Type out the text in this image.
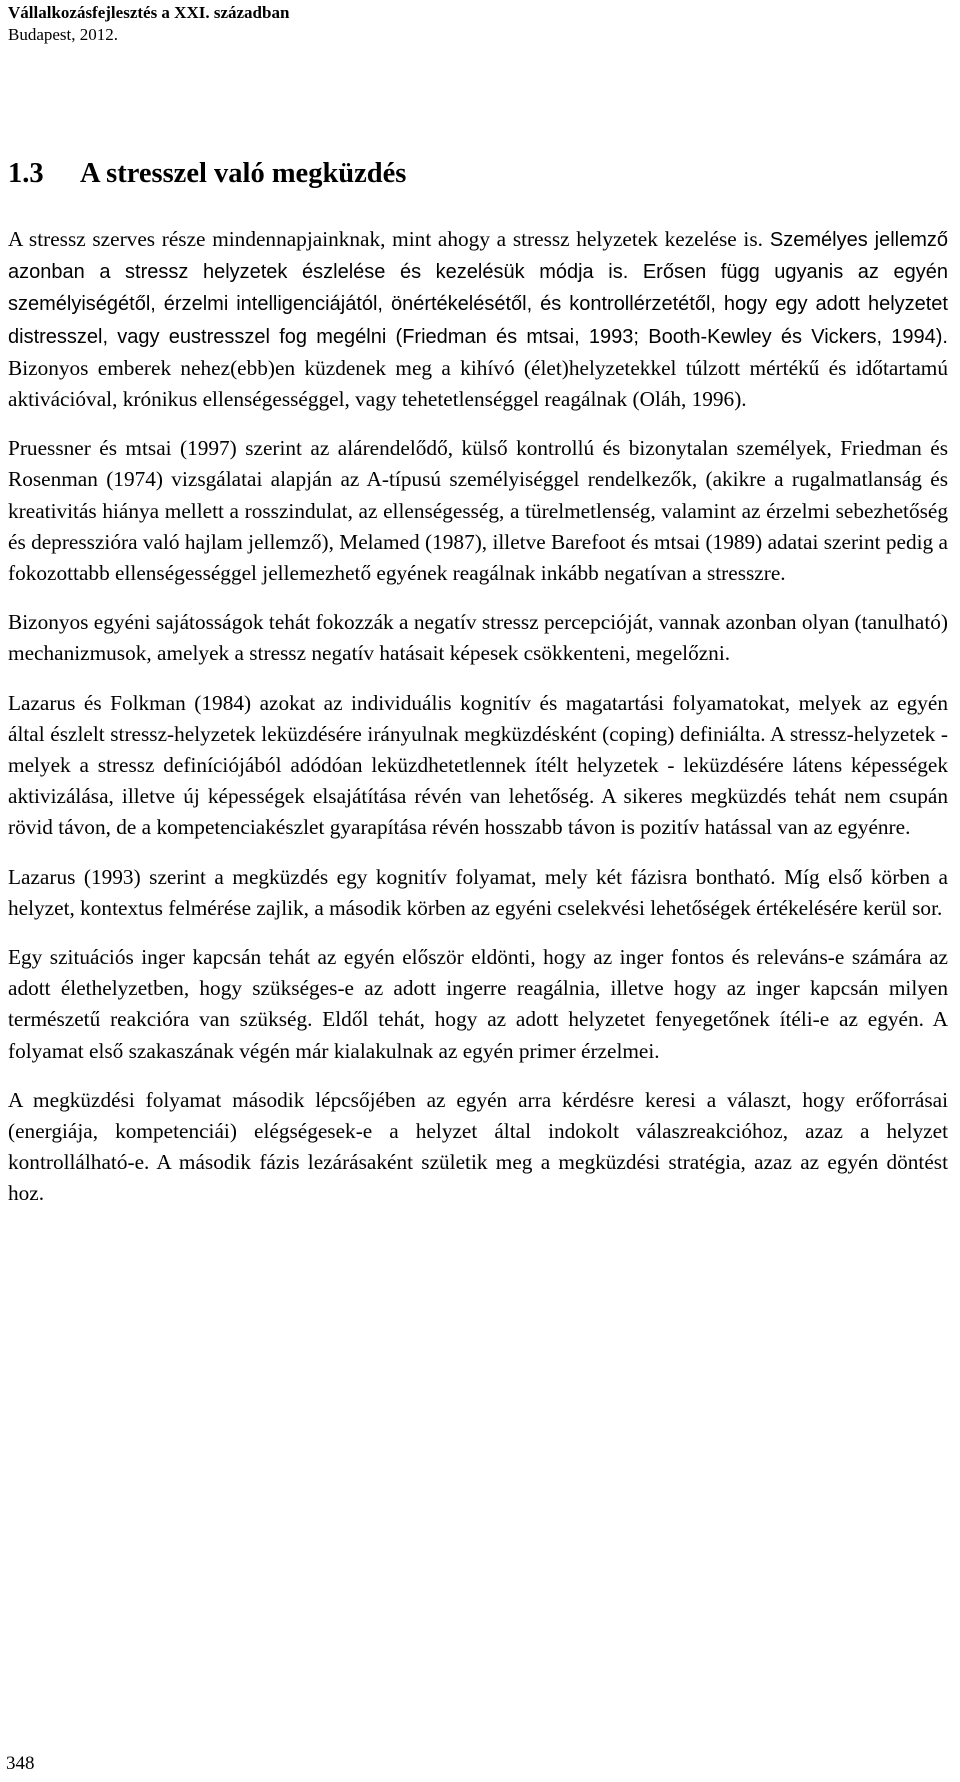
Vállalkozásfejlesztés a XXI. században
Budapest, 2012.
1.3 A stresszel való megküzdés

A stressz szerves része mindennapjainknak, mint ahogy a stressz helyzetek kezelése is. Személyes jellemző azonban a stressz helyzetek észlelése és kezelésük módja is. Erősen függ ugyanis az egyén személyiségétől, érzelmi intelligenciájától, önértékelésétől, és kontrollérzetétől, hogy egy adott helyzetet distresszel, vagy eustresszel fog megélni (Friedman és mtsai, 1993; Booth-Kewley és Vickers, 1994). Bizonyos emberek nehez(ebb)en küzdenek meg a kihívó (élet)helyzetekkel túlzott mértékű és időtartamú aktivációval, krónikus ellenségességgel, vagy tehetetlenséggel reagálnak (Oláh, 1996).

Pruessner és mtsai (1997) szerint az alárendelődő, külső kontrollú és bizonytalan személyek, Friedman és Rosenman (1974) vizsgálatai alapján az A-típusú személyiséggel rendelkezők, (akikre a rugalmatlanság és kreativitás hiánya mellett a rosszindulat, az ellenségesség, a türelmetlenség, valamint az érzelmi sebezhetőség és depresszióra való hajlam jellemző), Melamed (1987), illetve Barefoot és mtsai (1989) adatai szerint pedig a fokozottabb ellenségességgel jellemezhető egyének reagálnak inkább negatívan a stresszre.

Bizonyos egyéni sajátosságok tehát fokozzák a negatív stressz percepcióját, vannak azonban olyan (tanulható) mechanizmusok, amelyek a stressz negatív hatásait képesek csökkenteni, megelőzni.

Lazarus és Folkman (1984) azokat az individuális kognitív és magatartási folyamatokat, melyek az egyén által észlelt stressz-helyzetek leküzdésére irányulnak megküzdésként (coping) definiálta. A stressz-helyzetek - melyek a stressz definíciójából adódóan leküzdhetetlennek ítélt helyzetek - leküzdésére látens képességek aktivizálása, illetve új képességek elsajátítása révén van lehetőség. A sikeres megküzdés tehát nem csupán rövid távon, de a kompetenciakészlet gyarapítása révén hosszabb távon is pozitív hatással van az egyénre.

Lazarus (1993) szerint a megküzdés egy kognitív folyamat, mely két fázisra bontható. Míg első körben a helyzet, kontextus felmérése zajlik, a második körben az egyéni cselekvési lehetőségek értékelésére kerül sor.

Egy szituációs inger kapcsán tehát az egyén először eldönti, hogy az inger fontos és releváns-e számára az adott élethelyzetben, hogy szükséges-e az adott ingerre reagálnia, illetve hogy az inger kapcsán milyen természetű reakcióra van szükség. Eldől tehát, hogy az adott helyzetet fenyegetőnek ítéli-e az egyén. A folyamat első szakaszának végén már kialakulnak az egyén primer érzelmei.

A megküzdési folyamat második lépcsőjében az egyén arra kérdésre keresi a választ, hogy erőforrásai (energiája, kompetenciái) elégségesek-e a helyzet által indokolt válaszreakcióhoz, azaz a helyzet kontrollálható-e. A második fázis lezárásaként születik meg a megküzdési stratégia, azaz az egyén döntést hoz.

348
